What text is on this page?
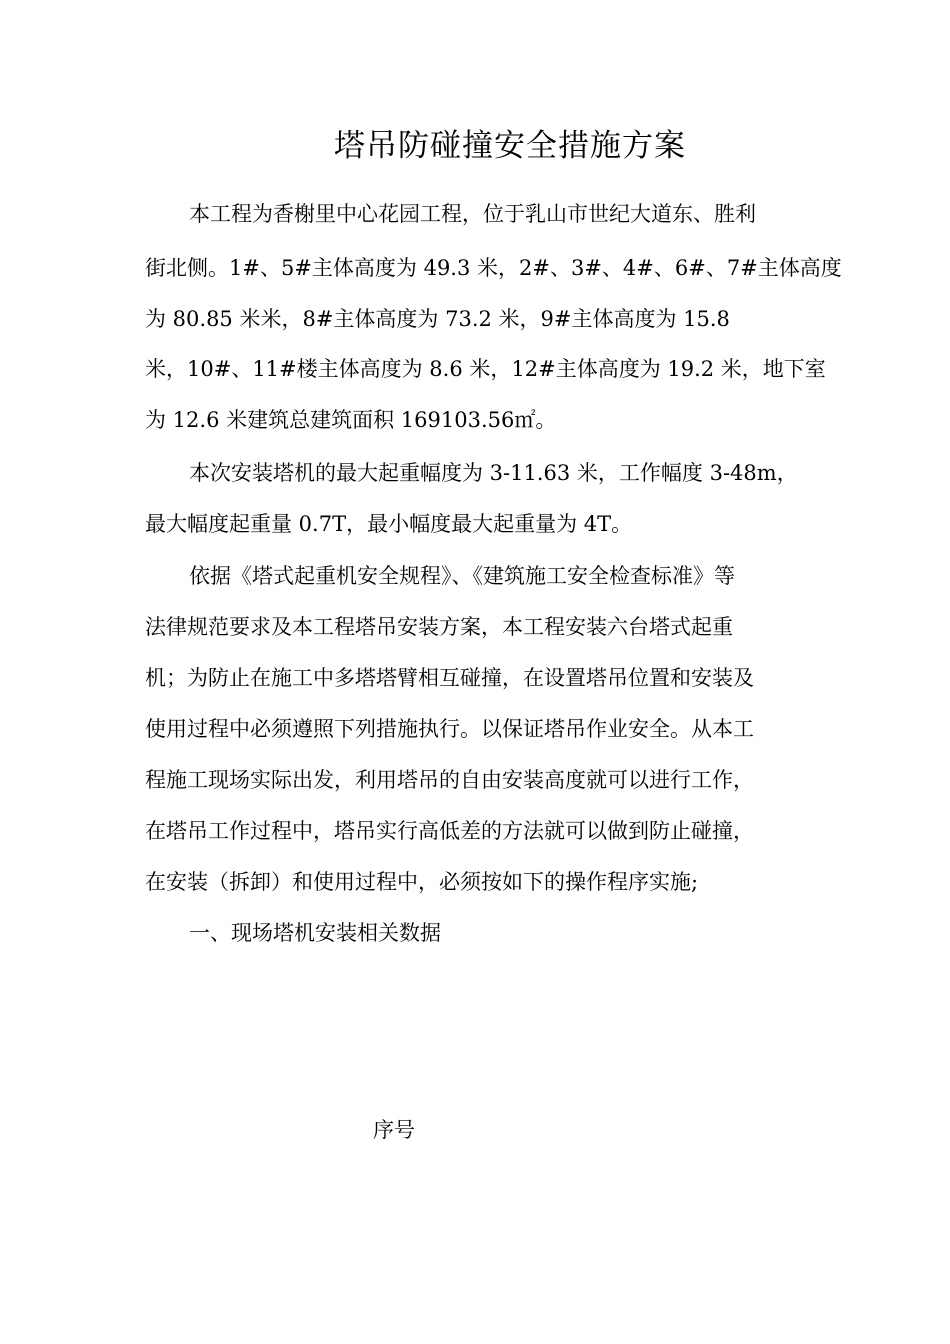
塔吊防碰撞安全措施方案
本工程为香榭里中心花园工程，位于乳山市世纪大道东、胜利
街北侧。1#、5#主体高度为 49.3 米，2#、3#、4#、6#、7#主体高度
为 80.85 米米，8#主体高度为 73.2 米，9#主体高度为 15.8
米，10#、11#楼主体高度为 8.6 米，12#主体高度为 19.2 米，地下室
为 12.6 米建筑总建筑面积 169103.56㎡。
本次安装塔机的最大起重幅度为 3-11.63 米，工作幅度 3-48m，
最大幅度起重量 0.7T，最小幅度最大起重量为 4T。
依据《塔式起重机安全规程》、《建筑施工安全检查标准》等
法律规范要求及本工程塔吊安装方案，本工程安装六台塔式起重
机；为防止在施工中多塔塔臂相互碰撞，在设置塔吊位置和安装及
使用过程中必须遵照下列措施执行。以保证塔吊作业安全。从本工
程施工现场实际出发，利用塔吊的自由安装高度就可以进行工作，
在塔吊工作过程中，塔吊实行高低差的方法就可以做到防止碰撞，
在安装（拆卸）和使用过程中，必须按如下的操作程序实施;
一、现场塔机安装相关数据
序号
